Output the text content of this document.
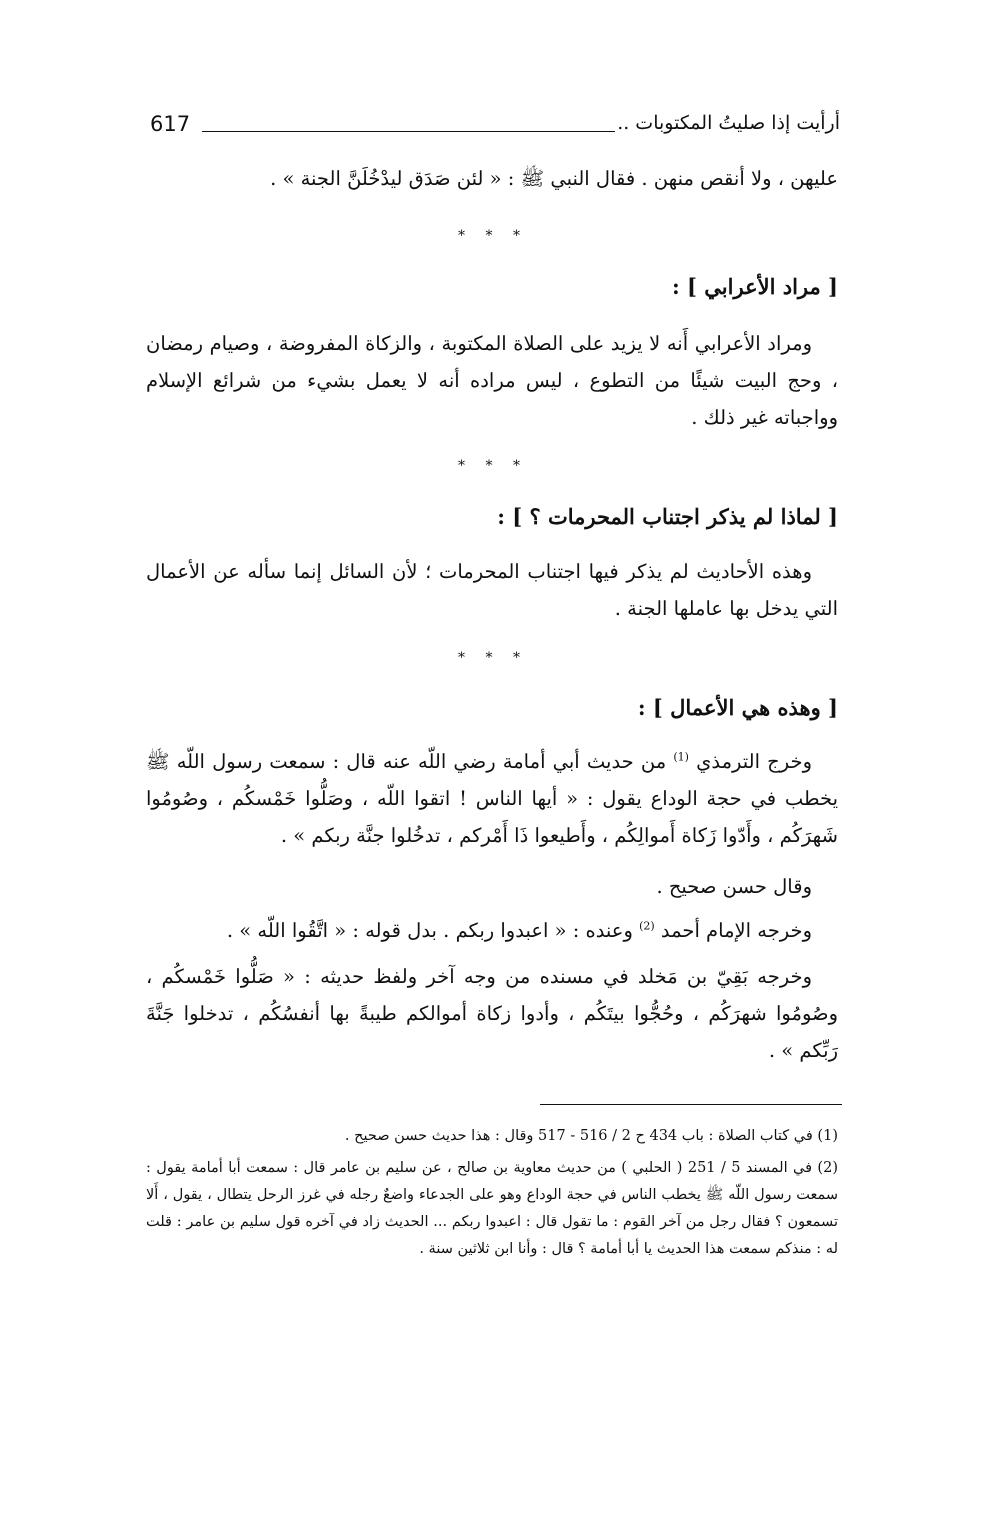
617	أرأيت إذا صليتُ المكتوبات ..
عليهن ، ولا أنقص منهن . فقال النبي ﷺ : « لئن صَدَق ليدْخُلَنَّ الجنة » .
* * *
[ مراد الأعرابي ] :
ومراد الأعرابي أَنه لا يزيد على الصلاة المكتوبة ، والزكاة المفروضة ، وصيام رمضان ، وحج البيت شيئًا من التطوع ، ليس مراده أنه لا يعمل بشيء من شرائع الإسلام وواجباته غير ذلك .
* * *
[ لماذا لم يذكر اجتناب المحرمات ؟ ] :
وهذه الأحاديث لم يذكر فيها اجتناب المحرمات ؛ لأن السائل إنما سأله عن الأعمال التي يدخل بها عاملها الجنة .
* * *
[ وهذه هي الأعمال ] :
وخرج الترمذي $^{(1)}$ من حديث أبي أمامة رضي اللّه عنه قال : سمعت رسول اللّه ﷺ يخطب في حجة الوداع يقول : « أيها الناس ! اتقوا اللّه ، وصَلُّوا خَمْسكُم ، وصُومُوا شَهرَكُم ، وأَدّوا زَكاة أَموالِكُم ، وأَطيعوا ذَا أَمْركم ، تدخُلوا جنَّة ربكم » .
وقال حسن صحيح .
وخرجه الإمام أحمد $^{(2)}$ وعنده : « اعبدوا ربكم . بدل قوله : « اتَّقُوا اللّه » .
وخرجه بَقِيّ بن مَخلد في مسنده من وجه آخر ولفظ حديثه : « صَلُّوا خَمْسكُم ، وصُومُوا شهرَكُم ، وحُجُّوا بيتَكُم ، وأدوا زكاة أموالكم طيبةً بها أنفسُكُم ، تدخلوا جَنَّةَ رَبِّكم » .
(1) في كتاب الصلاة : باب 434 ح 2 / 516 - 517 وقال : هذا حديث حسن صحيح .
(2) في المسند 5 / 251 ( الحلبي ) من حديث معاوية بن صالح ، عن سليم بن عامر قال : سمعت أبا أمامة يقول : سمعت رسول اللّه ﷺ يخطب الناس في حجة الوداع وهو على الجدعاء واضعٌ رجله في غرز الرحل يتطال ، يقول ، أَلا تسمعون ؟ فقال رجل من آخر القوم : ما تقول قال : اعبدوا ربكم ... الحديث زاد في آخره قول سليم بن عامر : قلت له : منذكم سمعت هذا الحديث يا أبا أمامة ؟ قال : وأنا ابن ثلاثين سنة .
